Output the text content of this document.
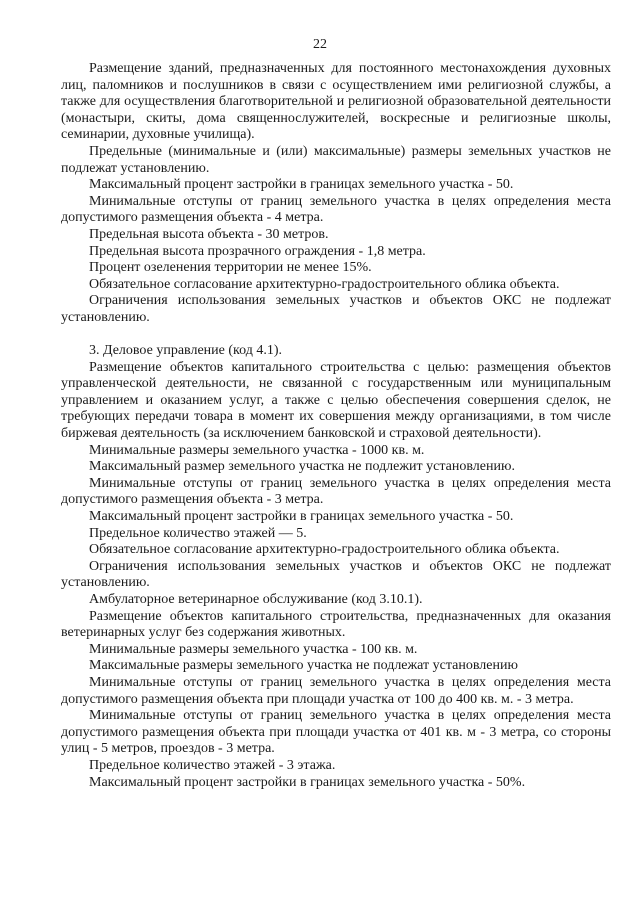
22

Размещение зданий, предназначенных для постоянного местонахождения духовных лиц, паломников и послушников в связи с осуществлением ими религиозной службы, а также для осуществления благотворительной и религиозной образовательной деятельности (монастыри, скиты, дома священнослужителей, воскресные и религиозные школы, семинарии, духовные училища).

Предельные (минимальные и (или) максимальные) размеры земельных участков не подлежат установлению.

Максимальный процент застройки в границах земельного участка - 50.

Минимальные отступы от границ земельного участка в целях определения места допустимого размещения объекта - 4 метра.

Предельная высота объекта - 30 метров.

Предельная высота прозрачного ограждения - 1,8 метра.

Процент озеленения территории не менее 15%.

Обязательное согласование архитектурно-градостроительного облика объекта.

Ограничения использования земельных участков и объектов ОКС не подлежат установлению.

3. Деловое управление (код 4.1).

Размещение объектов капитального строительства с целью: размещения объектов управленческой деятельности, не связанной с государственным или муниципальным управлением и оказанием услуг, а также с целью обеспечения совершения сделок, не требующих передачи товара в момент их совершения между организациями, в том числе биржевая деятельность (за исключением банковской и страховой деятельности).

Минимальные размеры земельного участка - 1000 кв. м.

Максимальный размер земельного участка не подлежит установлению.

Минимальные отступы от границ земельного участка в целях определения места допустимого размещения объекта - 3 метра.

Максимальный процент застройки в границах земельного участка - 50.

Предельное количество этажей — 5.

Обязательное согласование архитектурно-градостроительного облика объекта.

Ограничения использования земельных участков и объектов ОКС не подлежат установлению.

Амбулаторное ветеринарное обслуживание (код 3.10.1).

Размещение объектов капитального строительства, предназначенных для оказания ветеринарных услуг без содержания животных.

Минимальные размеры земельного участка - 100 кв. м.

Максимальные размеры земельного участка не подлежат установлению

Минимальные отступы от границ земельного участка в целях определения места допустимого размещения объекта при площади участка от 100 до 400 кв. м. - 3 метра.

Минимальные отступы от границ земельного участка в целях определения места допустимого размещения объекта при площади участка от 401 кв. м - 3 метра, со стороны улиц - 5 метров, проездов - 3 метра.

Предельное количество этажей - 3 этажа.

Максимальный процент застройки в границах земельного участка - 50%.
